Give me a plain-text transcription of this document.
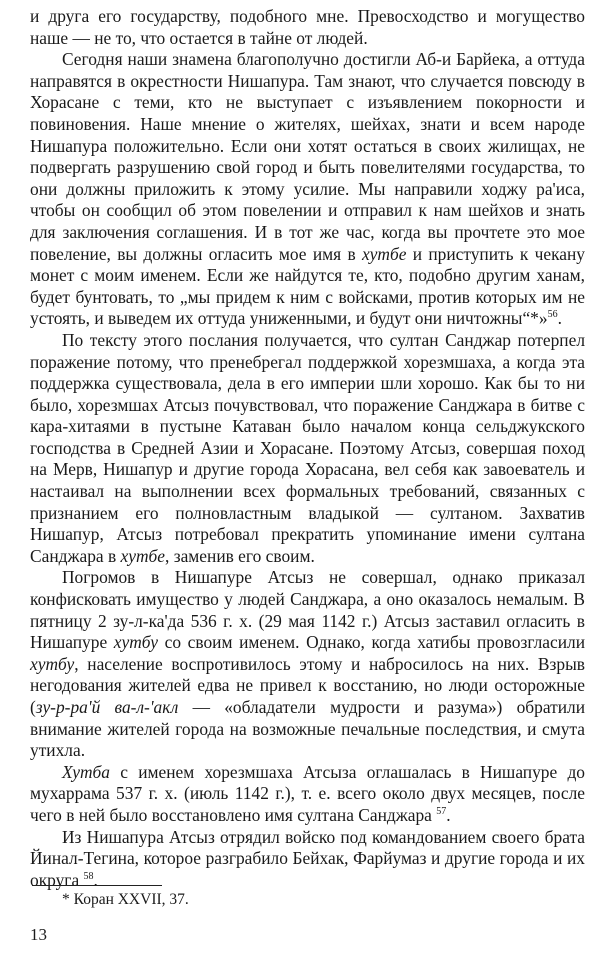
и друга его государству, подобного мне. Превосходство и могущество наше — не то, что остается в тайне от людей.

Сегодня наши знамена благополучно достигли Аб-и Барйека, а оттуда направятся в окрестности Нишапура. Там знают, что случается повсюду в Хорасане с теми, кто не выступает с изъявлением покорности и повиновения. Наше мнение о жителях, шейхах, знати и всем народе Нишапура положительно. Если они хотят остаться в своих жилищах, не подвергать разрушению свой город и быть повелителями государства, то они должны приложить к этому усилие. Мы направили ходжу ра'иса, чтобы он сообщил об этом повелении и отправил к нам шейхов и знать для заключения соглашения. И в тот же час, когда вы прочтете это мое повеление, вы должны огласить мое имя в хутбе и приступить к чекану монет с моим именем. Если же найдутся те, кто, подобно другим ханам, будет бунтовать, то „мы придем к ним с войсками, против которых им не устоять, и выведем их оттуда униженными, и будут они ничтожны“*»$^{56}$.

По тексту этого послания получается, что султан Санджар потерпел поражение потому, что пренебрегал поддержкой хорезмшаха, а когда эта поддержка существовала, дела в его империи шли хорошо. Как бы то ни было, хорезмшах Атсыз почувствовал, что поражение Санджара в битве с кара-хитаями в пустыне Катаван было началом конца сельджукского господства в Средней Азии и Хорасане. Поэтому Атсыз, совершая поход на Мерв, Нишапур и другие города Хорасана, вел себя как завоеватель и настаивал на выполнении всех формальных требований, связанных с признанием его полновластным владыкой — султаном. Захватив Нишапур, Атсыз потребовал прекратить упоминание имени султана Санджара в хутбе, заменив его своим.

Погромов в Нишапуре Атсыз не совершал, однако приказал конфисковать имущество у людей Санджара, а оно оказалось немалым. В пятницу 2 зу-л-ка'да 536 г. х. (29 мая 1142 г.) Атсыз заставил огласить в Нишапуре хутбу со своим именем. Однако, когда хатибы провозгласили хутбу, население воспротивилось этому и набросилось на них. Взрыв негодования жителей едва не привел к восстанию, но люди осторожные (зу-р-ра'й ва-л-'акл — «обладатели мудрости и разума») обратили внимание жителей города на возможные печальные последствия, и смута утихла.

Хутба с именем хорезмшаха Атсыза оглашалась в Нишапуре до мухаррама 537 г. х. (июль 1142 г.), т. е. всего около двух месяцев, после чего в ней было восстановлено имя султана Санджара $^{57}$.

Из Нишапура Атсыз отрядил войско под командованием своего брата Йинал-Тегина, которое разграбило Бейхак, Фарйумаз и другие города и их округа $^{58}$.

* Коран XXVII, 37.
13
